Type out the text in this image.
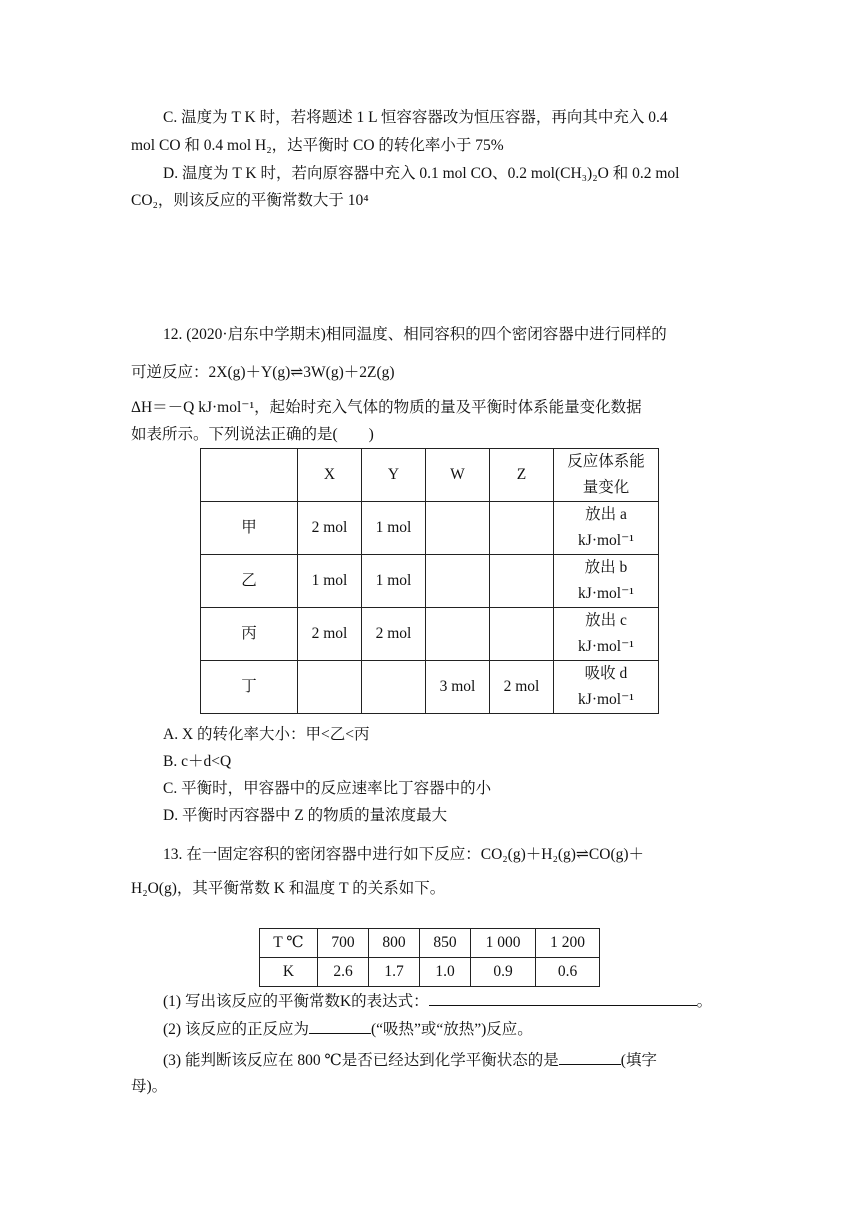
C. 温度为 T K 时，若将题述 1 L 恒容容器改为恒压容器，再向其中充入 0.4
mol CO 和 0.4 mol H₂，达平衡时 CO 的转化率小于 75%
D. 温度为 T K 时，若向原容器中充入 0.1 mol CO、0.2 mol(CH₃)₂O 和 0.2 mol
CO₂，则该反应的平衡常数大于 10⁴
12. (2020·启东中学期末)相同温度、相同容积的四个密闭容器中进行同样的
可逆反应：2X(g)＋Y(g)⇌3W(g)＋2Z(g)
ΔH＝－Q kJ·mol⁻¹，起始时充入气体的物质的量及平衡时体系能量变化数据
如表所示。下列说法正确的是(　　)
	X	Y	W	Z	反应体系能
量变化

甲	2 mol	1 mol			放出 a
kJ·mol⁻¹

乙	1 mol	1 mol			放出 b
kJ·mol⁻¹

丙	2 mol	2 mol			放出 c
kJ·mol⁻¹

丁			3 mol	2 mol	吸收 d
kJ·mol⁻¹
A. X 的转化率大小：甲<乙<丙
B. c＋d<Q
C. 平衡时，甲容器中的反应速率比丁容器中的小
D. 平衡时丙容器中 Z 的物质的量浓度最大
13. 在一固定容积的密闭容器中进行如下反应：CO₂(g)＋H₂(g)⇌CO(g)＋
H₂O(g)，其平衡常数 K 和温度 T 的关系如下。
T ℃	700	800	850	1 000	1 200
K	2.6	1.7	1.0	0.9	0.6
(1) 写出该反应的平衡常数K的表达式：	。
(2) 该反应的正反应为	(“吸热”或“放热”)反应。
(3) 能判断该反应在 800 ℃是否已经达到化学平衡状态的是	(填字
母)。
